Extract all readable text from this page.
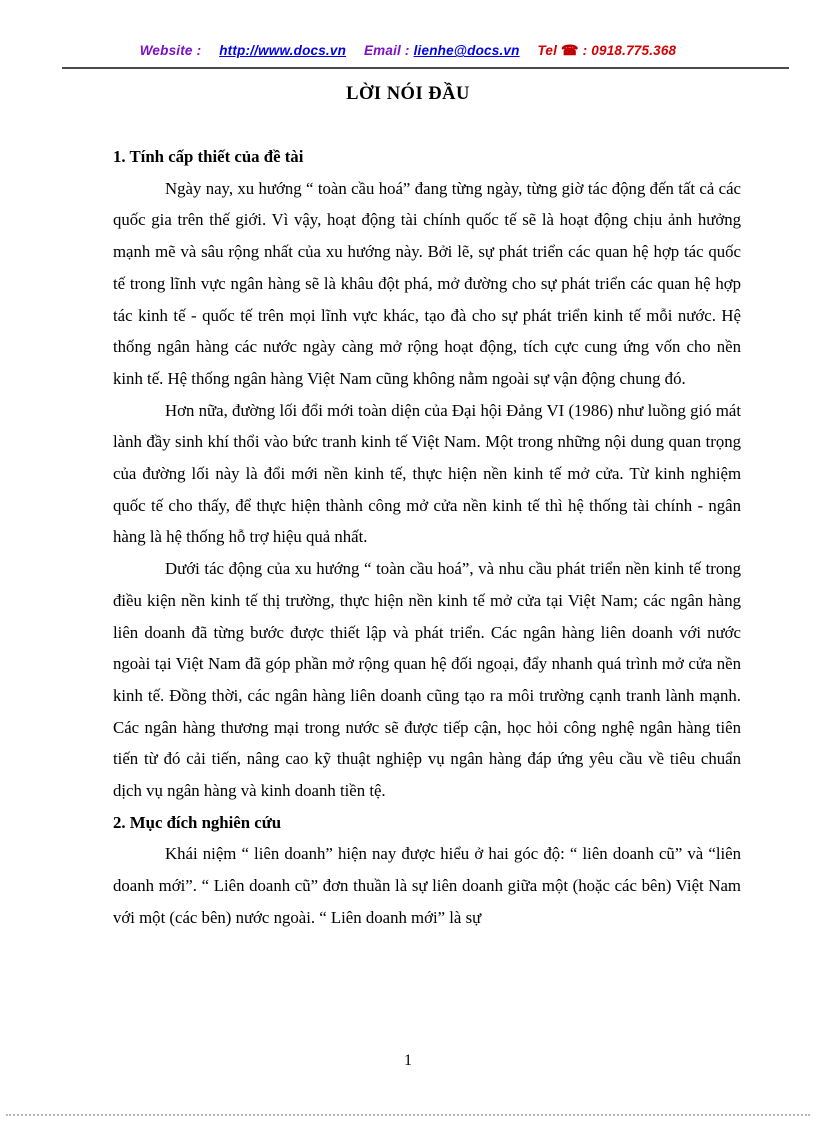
Website : http://www.docs.vn Email : lienhe@docs.vn Tel ☎ : 0918.775.368
LỜI NÓI ĐẦU
1. Tính cấp thiết của đề tài

Ngày nay, xu hướng “ toàn cầu hoá” đang từng ngày, từng giờ tác động đến tất cả các quốc gia trên thế giới. Vì vậy, hoạt động tài chính quốc tế sẽ là hoạt động chịu ảnh hưởng mạnh mẽ và sâu rộng nhất của xu hướng này. Bởi lẽ, sự phát triển các quan hệ hợp tác quốc tế trong lĩnh vực ngân hàng sẽ là khâu đột phá, mở đường cho sự phát triển các quan hệ hợp tác kinh tế - quốc tế trên mọi lĩnh vực khác, tạo đà cho sự phát triển kinh tế mỗi nước. Hệ thống ngân hàng các nước ngày càng mở rộng hoạt động, tích cực cung ứng vốn cho nền kinh tế. Hệ thống ngân hàng Việt Nam cũng không nằm ngoài sự vận động chung đó.

Hơn nữa, đường lối đổi mới toàn diện của Đại hội Đảng VI (1986) như luồng gió mát lành đầy sinh khí thổi vào bức tranh kinh tế Việt Nam. Một trong những nội dung quan trọng của đường lối này là đổi mới nền kinh tế, thực hiện nền kinh tế mở cửa. Từ kinh nghiệm quốc tế cho thấy, để thực hiện thành công mở cửa nền kinh tế thì hệ thống tài chính - ngân hàng là hệ thống hỗ trợ hiệu quả nhất.

Dưới tác động của xu hướng “ toàn cầu hoá”, và nhu cầu phát triển nền kinh tế trong điều kiện nền kinh tế thị trường, thực hiện nền kinh tế mở cửa tại Việt Nam; các ngân hàng liên doanh đã từng bước được thiết lập và phát triển. Các ngân hàng liên doanh với nước ngoài tại Việt Nam đã góp phần mở rộng quan hệ đối ngoại, đẩy nhanh quá trình mở cửa nền kinh tế. Đồng thời, các ngân hàng liên doanh cũng tạo ra môi trường cạnh tranh lành mạnh. Các ngân hàng thương mại trong nước sẽ được tiếp cận, học hỏi công nghệ ngân hàng tiên tiến từ đó cải tiến, nâng cao kỹ thuật nghiệp vụ ngân hàng đáp ứng yêu cầu về tiêu chuẩn dịch vụ ngân hàng và kinh doanh tiền tệ.

2. Mục đích nghiên cứu

Khái niệm “ liên doanh” hiện nay được hiểu ở hai góc độ: “ liên doanh cũ” và “liên doanh mới”. “ Liên doanh cũ” đơn thuần là sự liên doanh giữa một (hoặc các bên) Việt Nam với một (các bên) nước ngoài. “ Liên doanh mới” là sự

1
